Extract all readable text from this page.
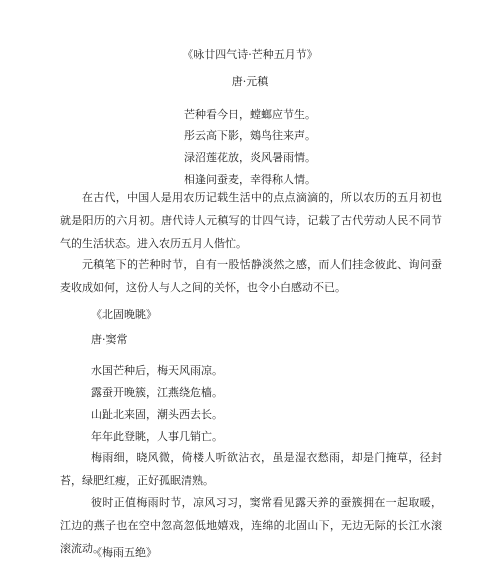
《咏廿四气诗·芒种五月节》
唐·元稹
芒种看今日，螳螂应节生。
彤云高下影，鴳鸟往来声。
渌沼莲花放，炎风暑雨情。
相逢问蚕麦，幸得称人情。
在古代，中国人是用农历记载生活中的点点滴滴的，所以农历的五月初也就是阳历的六月初。唐代诗人元稹写的廿四气诗，记载了古代劳动人民不同节气的生活状态。进入农历五月人偕忙。
元稹笔下的芒种时节，自有一股恬静淡然之感，而人们挂念彼此、询问蚕麦收成如何，这份人与人之间的关怀，也令小白感动不已。
《北固晚眺》
唐·窦常
水国芒种后，梅天风雨凉。
露蚕开晚簇，江燕绕危樯。
山趾北来固，潮头西去长。
年年此登眺，人事几销亡。
梅雨细，晓风微，倚楼人听欲沾衣，虽是湿衣愁雨，却是门掩草，径封苔，绿肥红瘦，正好孤眠清熟。
彼时正值梅雨时节，凉风习习，窦常看见露天养的蚕簇拥在一起取暖，江边的燕子也在空中忽高忽低地嬉戏，连绵的北固山下，无边无际的长江水滚滚流动。
《梅雨五绝》
